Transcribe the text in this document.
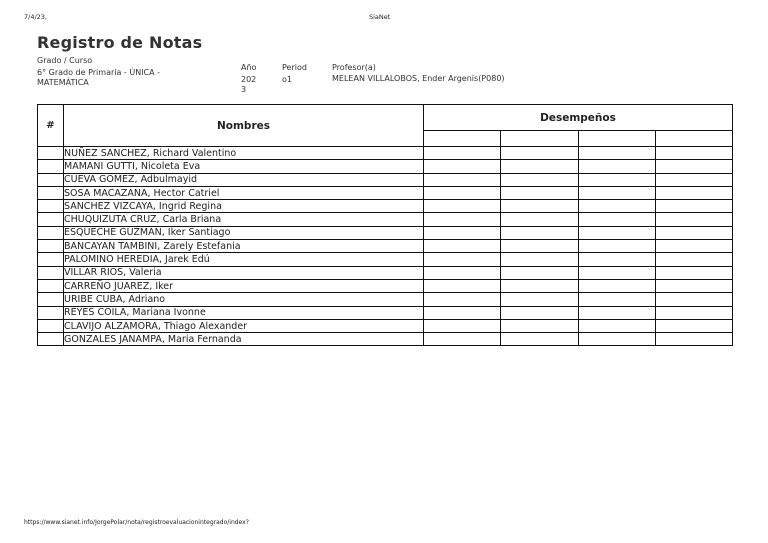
7/4/23,	SiaNet
Registro de Notas
Grado / Curso
6° Grado de Primaria - ÚNICA - MATEMÁTICA
Año
2023
Period
o1
Profesor(a)
MELEAN VILLALOBOS, Ender Argenis(P080)
#	Nombres	Desempeños			

	NUÑEZ SANCHEZ, Richard Valentino				
	MAMANI GUTTI, Nicoleta Eva				
	CUEVA GOMEZ, Adbulmayid				
	SOSA MACAZANA, Hector Catriel				
	SANCHEZ VIZCAYA, Ingrid Regina				
	CHUQUIZUTA CRUZ, Carla Briana				
	ESQUECHE GUZMAN, Iker Santiago				
	BANCAYAN TAMBINI, Zarely Estefania				
	PALOMINO HEREDIA, Jarek Edú				
	VILLAR RIOS, Valeria				
	CARREÑO JUAREZ, Iker				
	URIBE CUBA, Adriano				
	REYES COILA, Mariana Ivonne				
	CLAVIJO ALZAMORA, Thiago Alexander				
	GONZALES JANAMPA, Maria Fernanda				
https://www.sianet.info/JorgePolar/nota/registroevaluacionintegrado/index?
